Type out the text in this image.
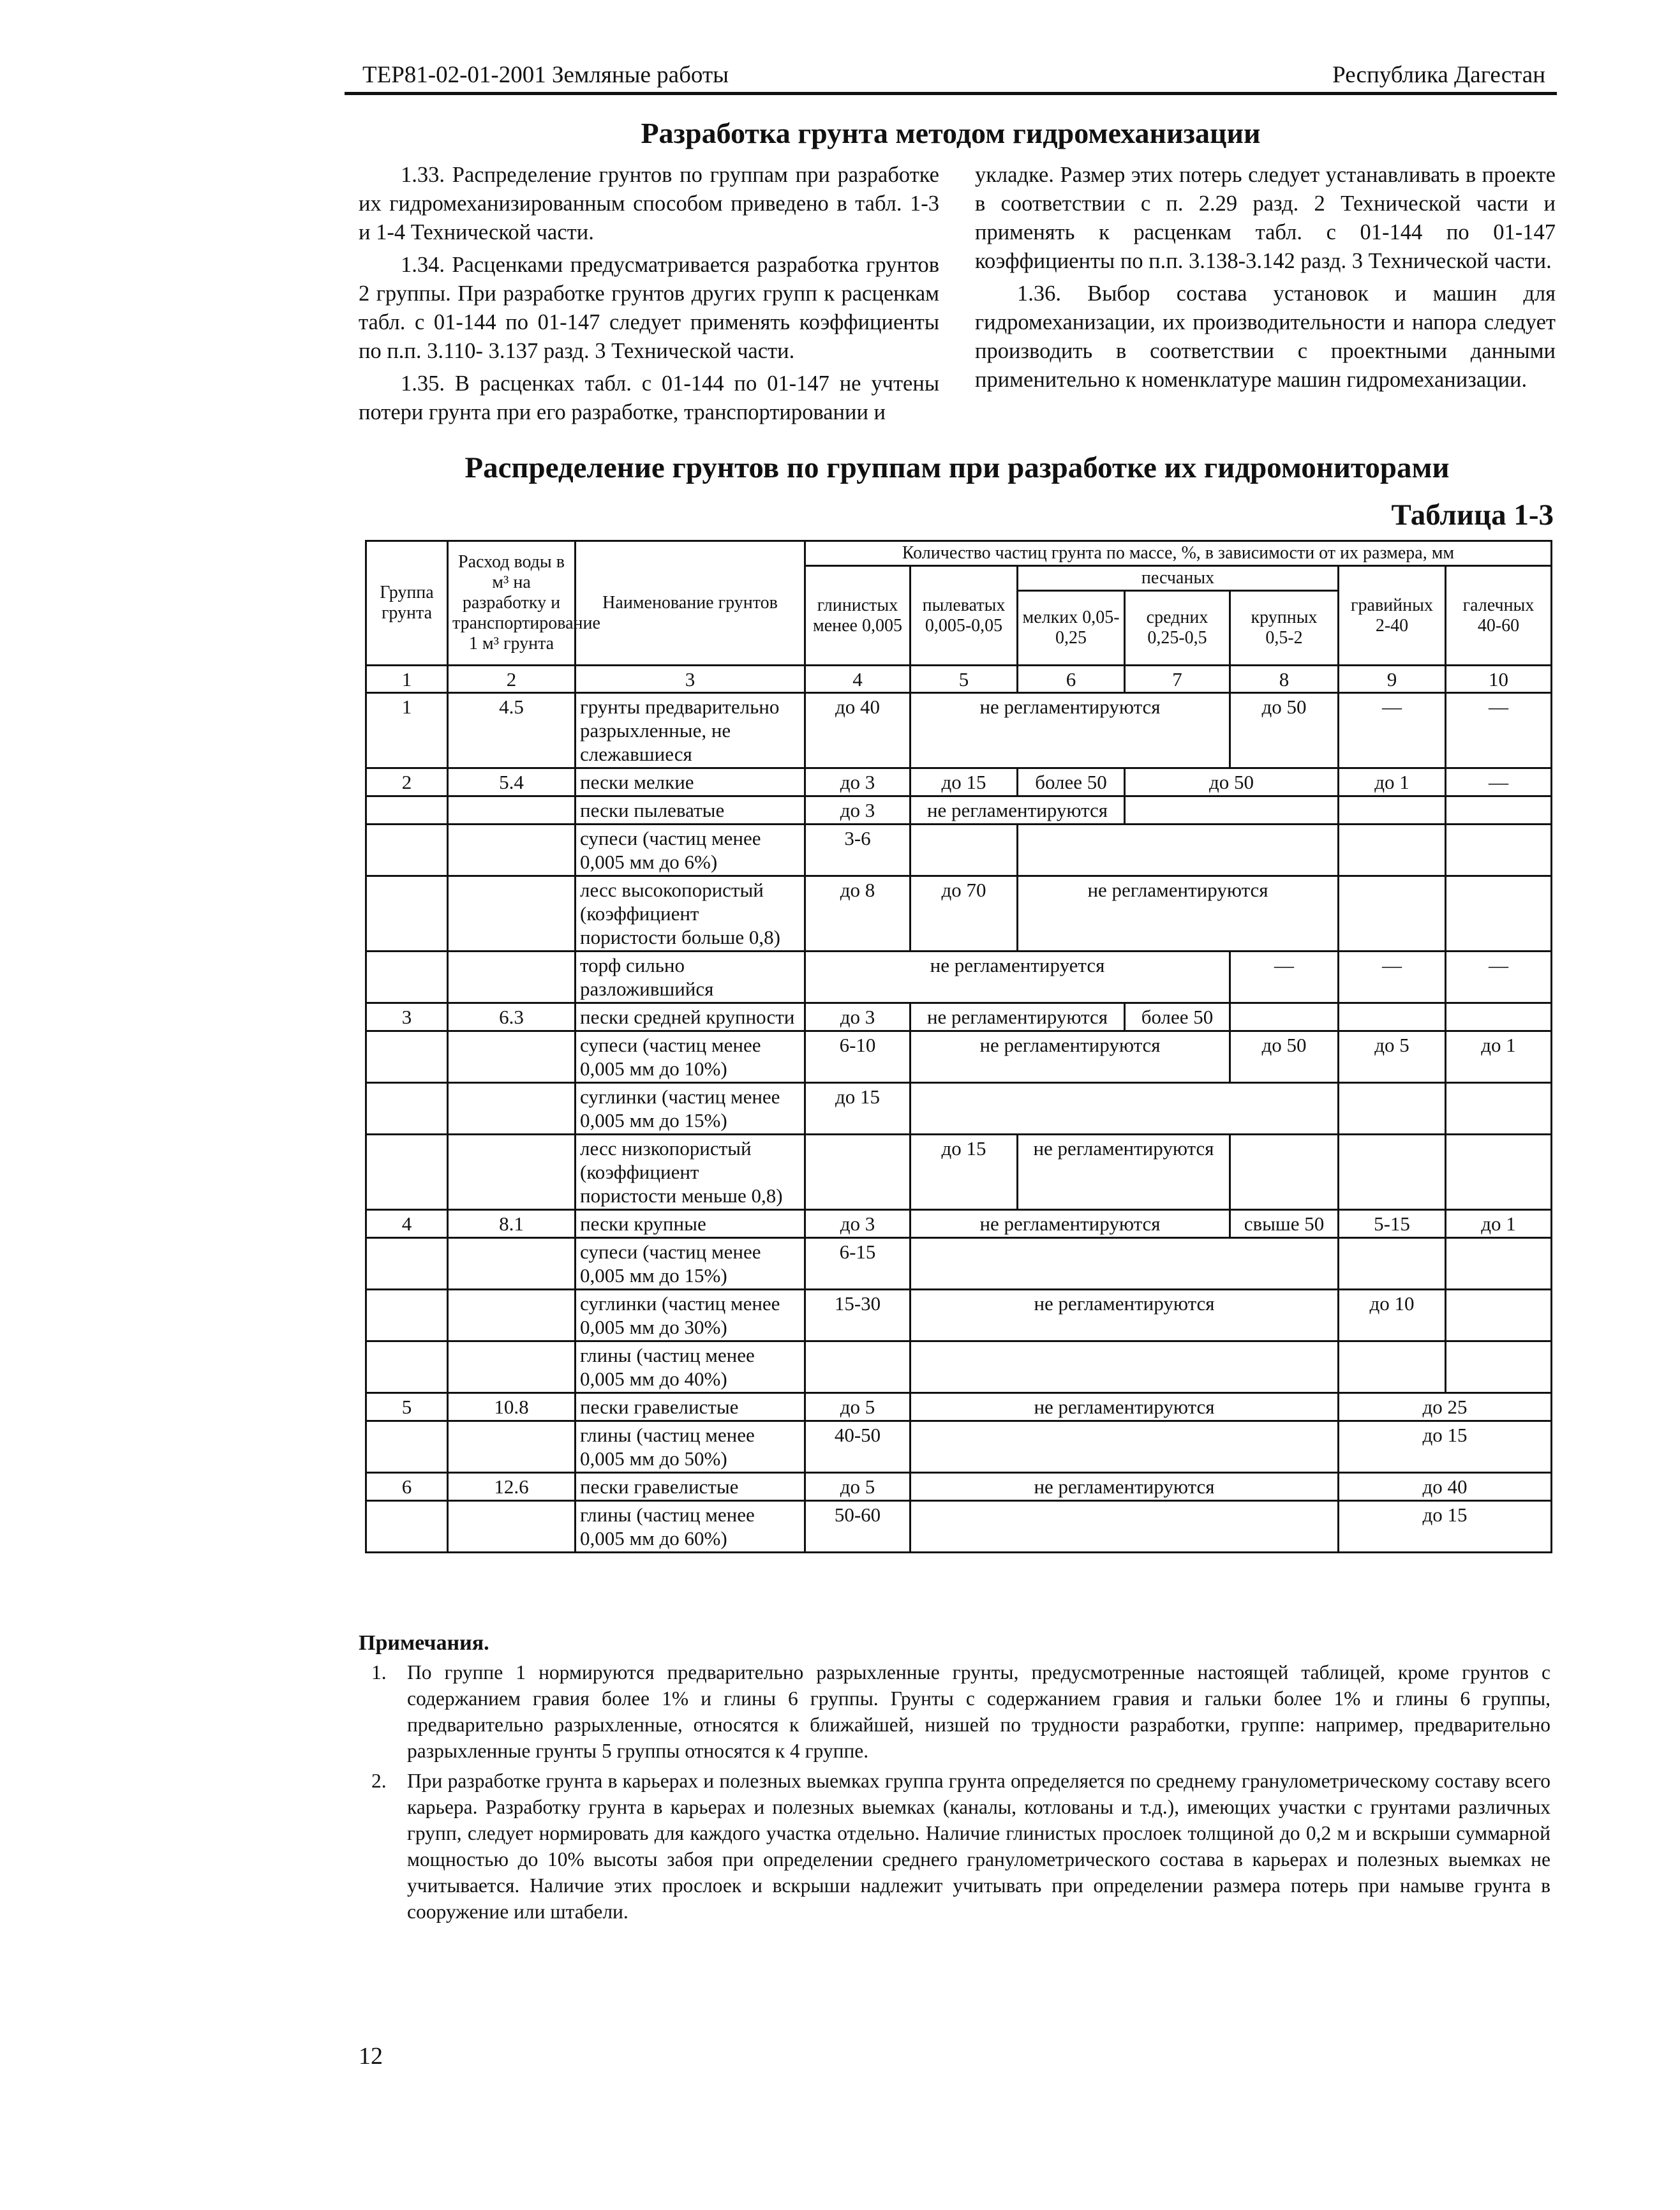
ТЕР81-02-01-2001 Земляные работы	Республика Дагестан
Разработка грунта методом гидромеханизации

1.33. Распределение грунтов по группам при разработке их гидромеханизированным способом приведено в табл. 1-3 и 1-4 Технической части.

1.34. Расценками предусматривается разработка грунтов 2 группы. При разработке грунтов других групп к расценкам табл. с 01-144 по 01-147 следует применять коэффициенты по п.п. 3.110- 3.137 разд. 3 Технической части.

1.35. В расценках табл. с 01-144 по 01-147 не учтены потери грунта при его разработке, транспортировании и

укладке. Размер этих потерь следует устанавливать в проекте в соответствии с п. 2.29 разд. 2 Технической части и применять к расценкам табл. с 01-144 по 01-147 коэффициенты по п.п. 3.138-3.142 разд. 3 Технической части.

1.36. Выбор состава установок и машин для гидромеханизации, их производительности и напора следует производить в соответствии с проектными данными применительно к номенклатуре машин гидромеханизации.

Распределение грунтов по группам при разработке их гидромониторами
Таблица 1-3
Группа грунта	Расход воды в м³ на разработку и транспортирование 1 м³ грунта	Наименование грунтов	Количество частиц грунта по массе, %, в зависимости от их размера, мм						
			глинистых менее 0,005	пылеватых 0,005-0,05	песчаных			гравийных 2-40	галечных 40-60
					мелких 0,05-0,25	средних 0,25-0,5	крупных 0,5-2		
1	2	3	4	5	6	7	8	9	10
1	4.5	грунты предварительно разрыхленные, не слежавшиеся	до 40	не регламентируются			до 50	—	—
2	5.4	пески мелкие	до 3	до 15	более 50	до 50		до 1	—
		пески пылеватые	до 3	не регламентируются					
		супеси (частиц менее 0,005 мм до 6%)	3-6						
		лесс высокопористый (коэффициент пористости больше 0,8)	до 8	до 70	не регламентируются				
		торф сильно разложившийся	не регламентируется				—	—	—
3	6.3	пески средней крупности	до 3	не регламентируются		более 50			
		супеси (частиц менее 0,005 мм до 10%)	6-10	не регламентируются			до 50	до 5	до 1
		суглинки (частиц менее 0,005 мм до 15%)	до 15						
		лесс низкопористый (коэффициент пористости меньше 0,8)		до 15	не регламентируются				
4	8.1	пески крупные	до 3	не регламентируются			свыше 50	5-15	до 1
		супеси (частиц менее 0,005 мм до 15%)	6-15						
		суглинки (частиц менее 0,005 мм до 30%)	15-30	не регламентируются				до 10	
		глины (частиц менее 0,005 мм до 40%)							
5	10.8	пески гравелистые	до 5	не регламентируются				до 25	
		глины (частиц менее 0,005 мм до 50%)	40-50					до 15	
6	12.6	пески гравелистые	до 5	не регламентируются				до 40	
		глины (частиц менее 0,005 мм до 60%)	50-60					до 15	
Примечания.
1. По группе 1 нормируются предварительно разрыхленные грунты, предусмотренные настоящей таблицей, кроме грунтов с содержанием гравия более 1% и глины 6 группы. Грунты с содержанием гравия и гальки более 1% и глины 6 группы, предварительно разрыхленные, относятся к ближайшей, низшей по трудности разработки, группе: например, предварительно разрыхленные грунты 5 группы относятся к 4 группе.
2. При разработке грунта в карьерах и полезных выемках группа грунта определяется по среднему гранулометрическому составу всего карьера. Разработку грунта в карьерах и полезных выемках (каналы, котлованы и т.д.), имеющих участки с грунтами различных групп, следует нормировать для каждого участка отдельно. Наличие глинистых прослоек толщиной до 0,2 м и вскрыши суммарной мощностью до 10% высоты забоя при определении среднего гранулометрического состава в карьерах и полезных выемках не учитывается. Наличие этих прослоек и вскрыши надлежит учитывать при определении размера потерь при намыве грунта в сооружение или штабели.
12
